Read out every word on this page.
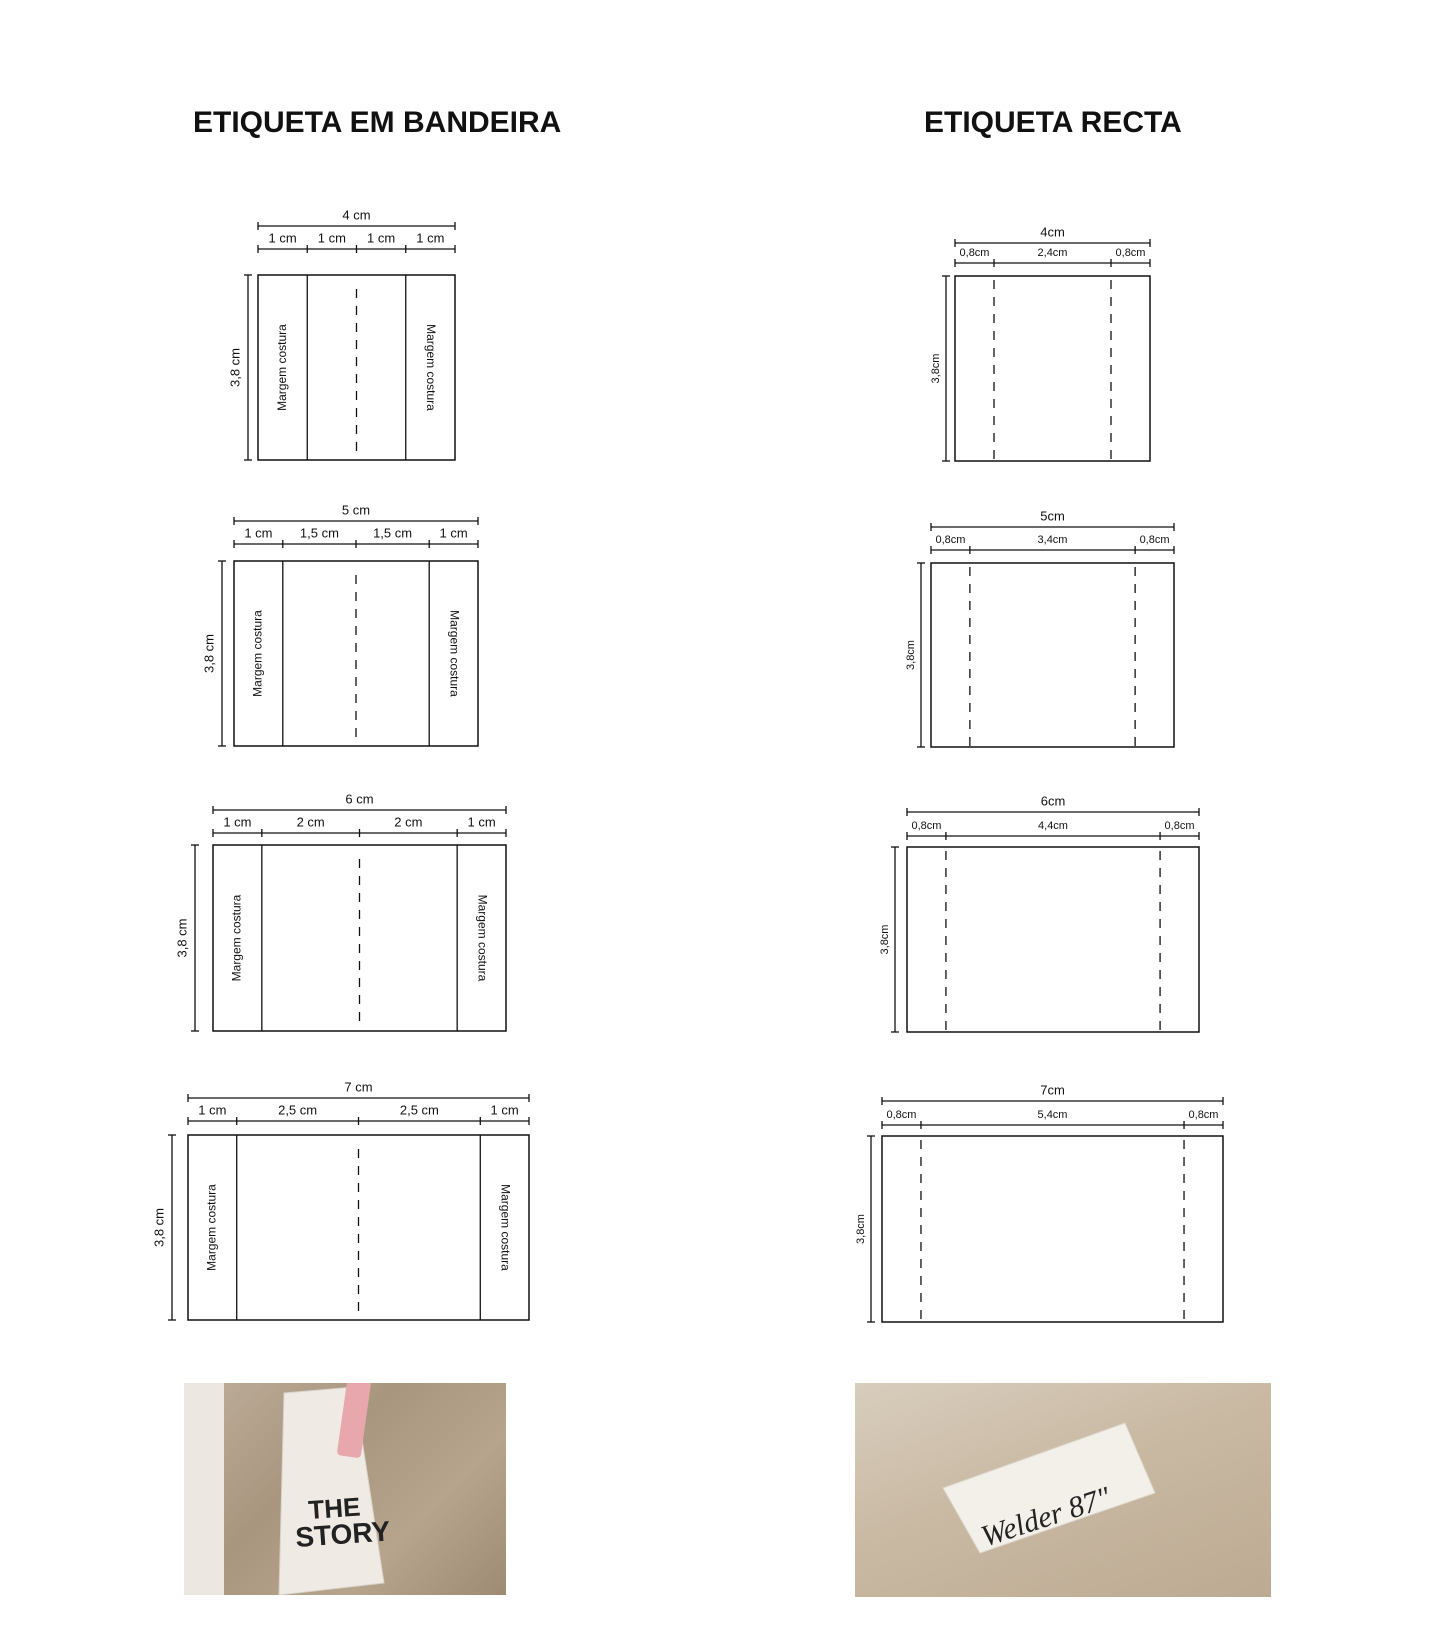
ETIQUETA EM BANDEIRA	ETIQUETA RECTA
4 cm
1 cm 1 cm 1 cm 1 cm
3,8 cm	Margem costura	Margem costura
5 cm
1 cm 1,5 cm	1,5 cm 1 cm
3,8 cm	Margem costura	Margem costura
6 cm
1 cm	2 cm	2 cm	1 cm
3,8 cm	Margem costura	Margem costura
7 cm
1 cm	2,5 cm	2,5 cm	1 cm
3,8 cm	Margem costura	Margem costura
4cm
0,8cm	2,4cm	0,8cm
3,8cm
5cm
0,8cm	3,4cm	0,8cm
3,8cm
6cm
0,8cm	4,4cm	0,8cm
3,8cm
7cm
0,8cm	5,4cm	0,8cm
3,8cm
THE
STORY	Welder 87"
